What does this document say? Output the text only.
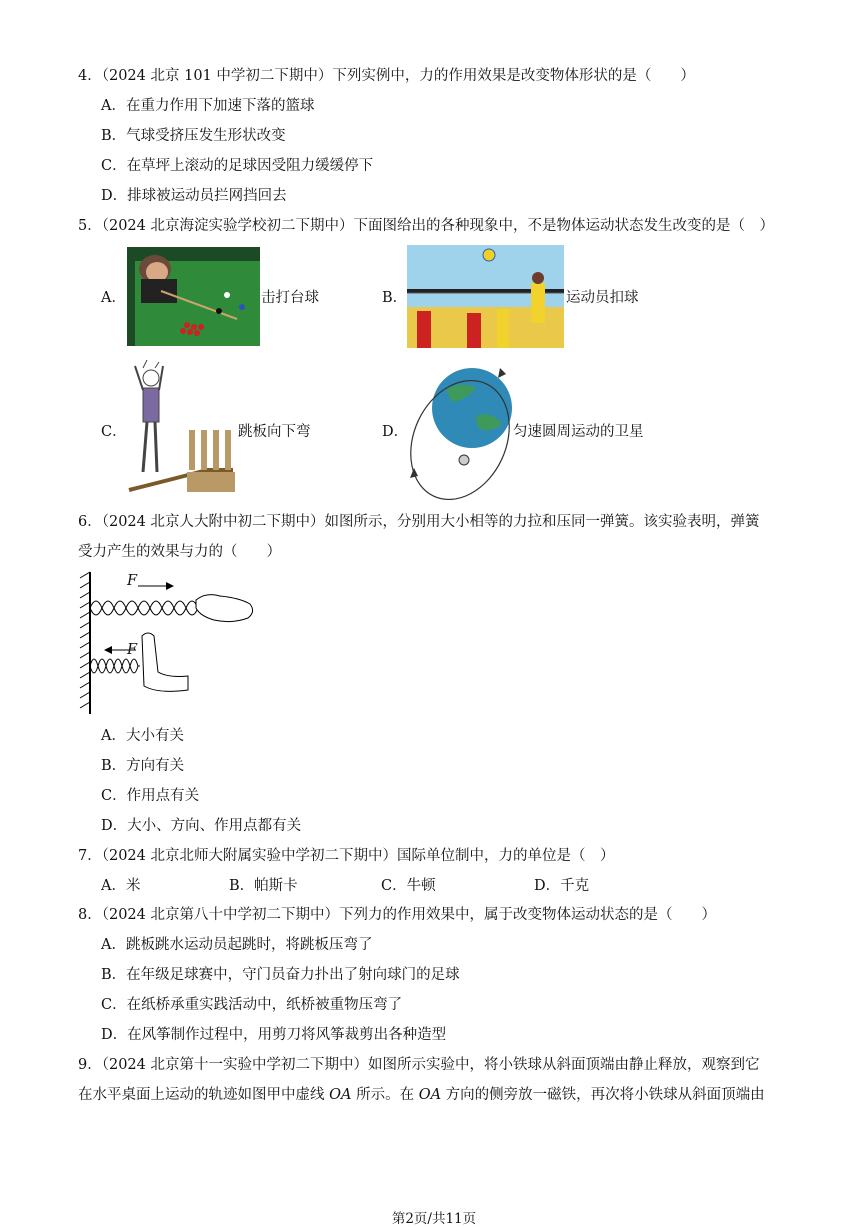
4．（2024 北京 101 中学初二下期中）下列实例中，力的作用效果是改变物体形状的是（　　）
A．在重力作用下加速下落的篮球
B．气球受挤压发生形状改变
C．在草坪上滚动的足球因受阻力缓缓停下
D．排球被运动员拦网挡回去
5．（2024 北京海淀实验学校初二下期中）下面图给出的各种现象中，不是物体运动状态发生改变的是（　）
A．	击打台球	B．	运动员扣球
C．	跳板向下弯	D．	匀速圆周运动的卫星
6．（2024 北京人大附中初二下期中）如图所示，分别用大小相等的力拉和压同一弹簧。该实验表明，弹簧
受力产生的效果与力的（　　）
F
F
A．大小有关
B．方向有关
C．作用点有关
D．大小、方向、作用点都有关
7．（2024 北京北师大附属实验中学初二下期中）国际单位制中，力的单位是（　）
A．米	B．帕斯卡	C．牛顿	D．千克
8．（2024 北京第八十中学初二下期中）下列力的作用效果中，属于改变物体运动状态的是（　　）
A．跳板跳水运动员起跳时，将跳板压弯了
B．在年级足球赛中，守门员奋力扑出了射向球门的足球
C．在纸桥承重实践活动中，纸桥被重物压弯了
D．在风筝制作过程中，用剪刀将风筝裁剪出各种造型
9．（2024 北京第十一实验中学初二下期中）如图所示实验中，将小铁球从斜面顶端由静止释放，观察到它
在水平桌面上运动的轨迹如图甲中虚线 OA 所示。在 OA 方向的侧旁放一磁铁，再次将小铁球从斜面顶端由
第2页/共11页
